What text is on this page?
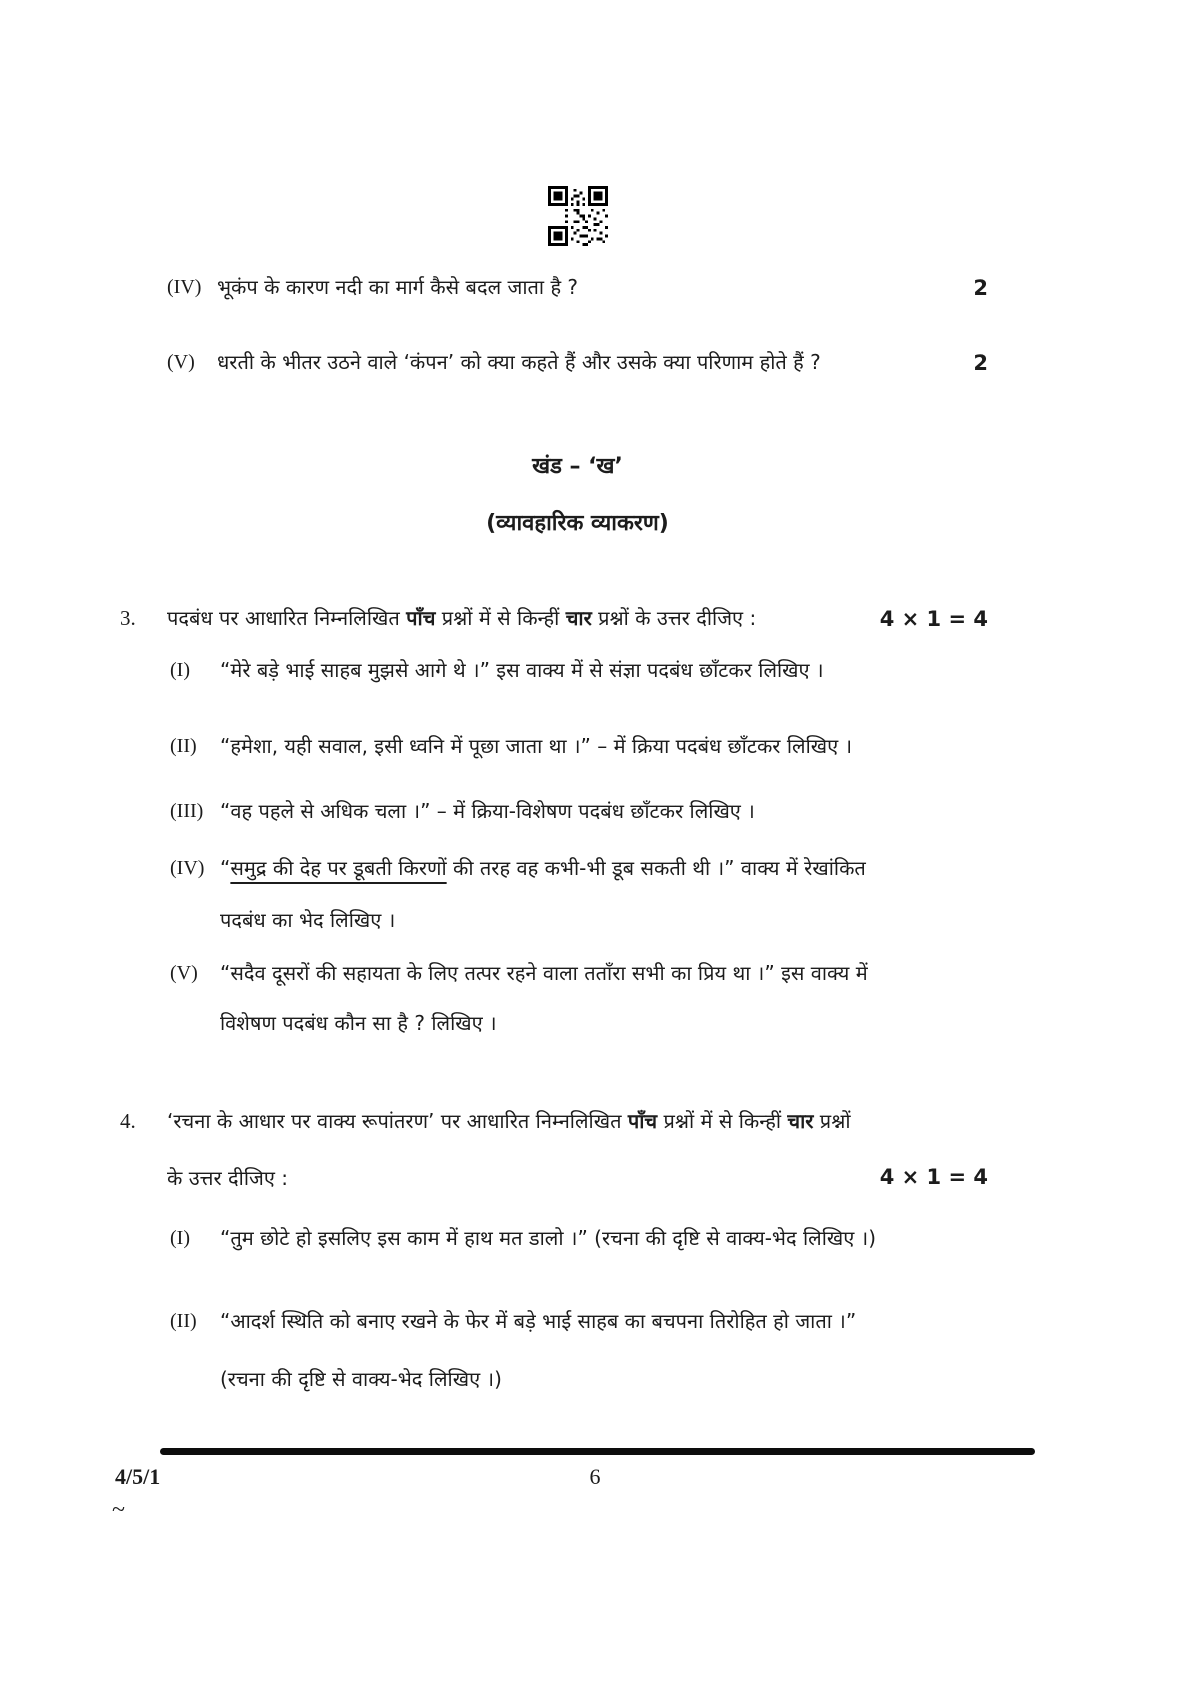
(IV) भूकंप के कारण नदी का मार्ग कैसे बदल जाता है ?	2
(V)	धरती के भीतर उठने वाले ‘कंपन’ को क्या कहते हैं और उसके क्या परिणाम होते हैं ?	2
खंड – ‘ख’
(व्यावहारिक व्याकरण)
3.	पदबंध पर आधारित निम्नलिखित पाँच प्रश्नों में से किन्हीं चार प्रश्नों के उत्तर दीजिए :	4 × 1 = 4
(I)	“मेरे बड़े भाई साहब मुझसे आगे थे ।” इस वाक्य में से संज्ञा पदबंध छाँटकर लिखिए ।
(II)	“हमेशा, यही सवाल, इसी ध्वनि में पूछा जाता था ।” – में क्रिया पदबंध छाँटकर लिखिए ।
(III) “वह पहले से अधिक चला ।” – में क्रिया-विशेषण पदबंध छाँटकर लिखिए ।
(IV) “समुद्र की देह पर डूबती किरणों की तरह वह कभी-भी डूब सकती थी ।” वाक्य में रेखांकित
पदबंध का भेद लिखिए ।
(V)	“सदैव दूसरों की सहायता के लिए तत्पर रहने वाला तताँरा सभी का प्रिय था ।” इस वाक्य में
विशेषण पदबंध कौन सा है ? लिखिए ।
4.	‘रचना के आधार पर वाक्य रूपांतरण’ पर आधारित निम्नलिखित पाँच प्रश्नों में से किन्हीं चार प्रश्नों
के उत्तर दीजिए :	4 × 1 = 4
(I)	“तुम छोटे हो इसलिए इस काम में हाथ मत डालो ।” (रचना की दृष्टि से वाक्य-भेद लिखिए ।)
(II)	“आदर्श स्थिति को बनाए रखने के फेर में बड़े भाई साहब का बचपना तिरोहित हो जाता ।”
(रचना की दृष्टि से वाक्य-भेद लिखिए ।)
4/5/1	6
~
